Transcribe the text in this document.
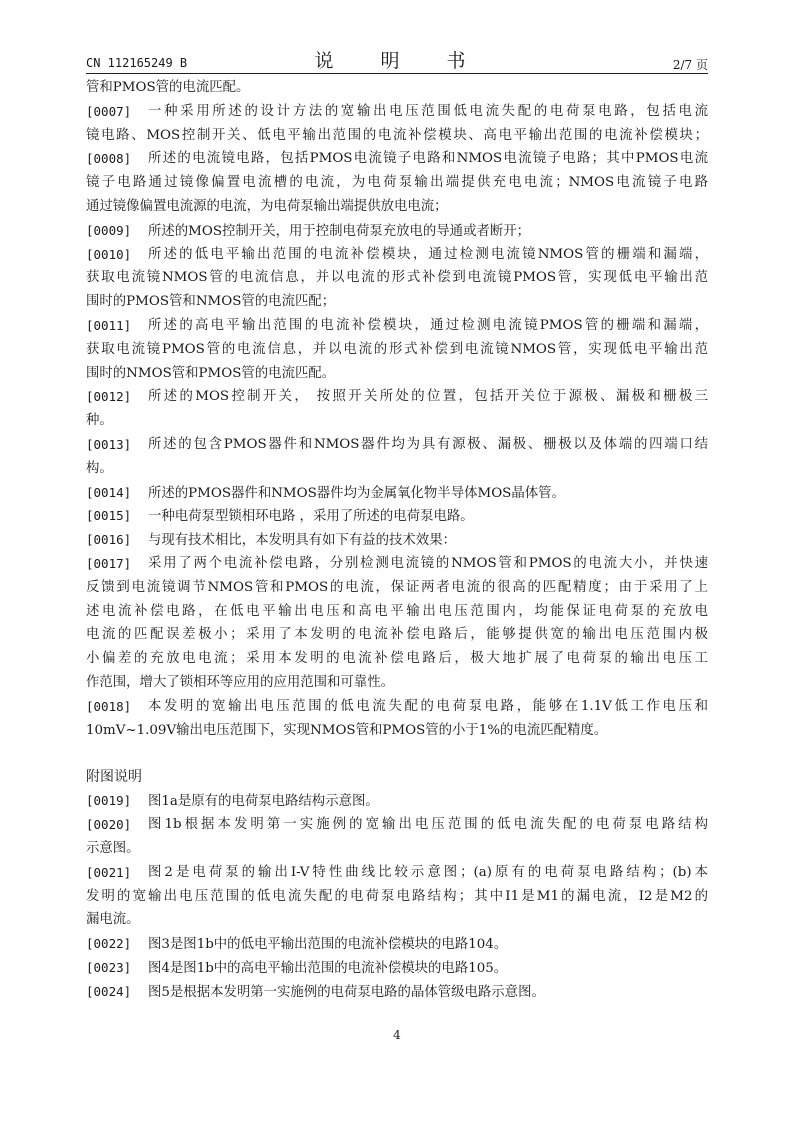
CN 112165249 B	说　明　书	2/7 页
管和PMOS管的电流匹配。
[0007]	一种采用所述的设计方法的宽输出电压范围低电流失配的电荷泵电路，包括电流
镜电路、MOS控制开关、低电平输出范围的电流补偿模块、高电平输出范围的电流补偿模块；
[0008]	所述的电流镜电路，包括PMOS电流镜子电路和NMOS电流镜子电路；其中PMOS电流
镜子电路通过镜像偏置电流槽的电流，为电荷泵输出端提供充电电流；NMOS电流镜子电路
通过镜像偏置电流源的电流，为电荷泵输出端提供放电电流；
[0009] 所述的MOS控制开关，用于控制电荷泵充放电的导通或者断开；
[0010]	所述的低电平输出范围的电流补偿模块，通过检测电流镜NMOS管的栅端和漏端，
获取电流镜NMOS管的电流信息，并以电流的形式补偿到电流镜PMOS管，实现低电平输出范
围时的PMOS管和NMOS管的电流匹配；
[0011]	所述的高电平输出范围的电流补偿模块，通过检测电流镜PMOS管的栅端和漏端，
获取电流镜PMOS管的电流信息，并以电流的形式补偿到电流镜NMOS管，实现低电平输出范
围时的NMOS管和PMOS管的电流匹配。
[0012]	所述的MOS控制开关， 按照开关所处的位置，包括开关位于源极、漏极和栅极三
种。
[0013]	所述的包含PMOS器件和NMOS器件均为具有源极、漏极、栅极以及体端的四端口结
构。
[0014] 所述的PMOS器件和NMOS器件均为金属氧化物半导体MOS晶体管。
[0015] 一种电荷泵型锁相环电路 ，采用了所述的电荷泵电路。
[0016] 与现有技术相比，本发明具有如下有益的技术效果：
[0017]	采用了两个电流补偿电路，分别检测电流镜的NMOS管和PMOS的电流大小，并快速
反馈到电流镜调节NMOS管和PMOS的电流，保证两者电流的很高的匹配精度；由于采用了上
述电流补偿电路，在低电平输出电压和高电平输出电压范围内，均能保证电荷泵的充放电
电流的匹配误差极小；采用了本发明的电流补偿电路后，能够提供宽的输出电压范围内极
小偏差的充放电电流；采用本发明的电流补偿电路后，极大地扩展了电荷泵的输出电压工
作范围，增大了锁相环等应用的应用范围和可靠性。
[0018]	本发明的宽输出电压范围的低电流失配的电荷泵电路，能够在1.1V低工作电压和
10mV~1.09V输出电压范围下，实现NMOS管和PMOS管的小于1%的电流匹配精度。
附图说明
[0019] 图1a是原有的电荷泵电路结构示意图。
[0020]	图1b根据本发明第一实施例的宽输出电压范围的低电流失配的电荷泵电路结构
示意图。
[0021]	图2是电荷泵的输出I-V特性曲线比较示意图；(a)原有的电荷泵电路结构；(b)本
发明的宽输出电压范围的低电流失配的电荷泵电路结构；其中I1是M1的漏电流，I2是M2的
漏电流。
[0022] 图3是图1b中的低电平输出范围的电流补偿模块的电路104。
[0023] 图4是图1b中的高电平输出范围的电流补偿模块的电路105。
[0024] 图5是根据本发明第一实施例的电荷泵电路的晶体管级电路示意图。
4
